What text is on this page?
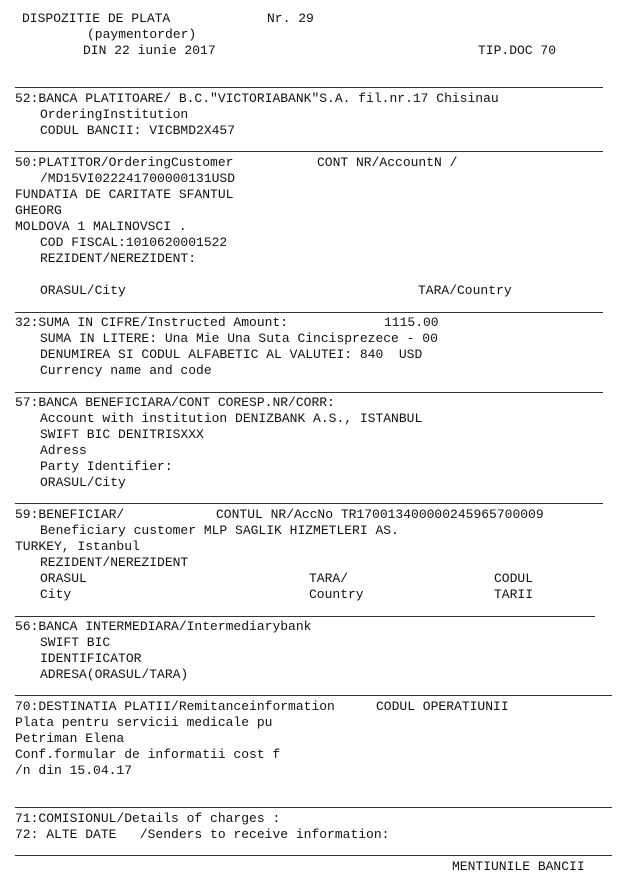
DISPOZITIE DE PLATA	Nr. 29
(paymentorder)
DIN 22 iunie 2017	TIP.DOC 70
52:BANCA PLATITOARE/ B.C."VICTORIABANK"S.A. fil.nr.17 Chisinau
OrderingInstitution
CODUL BANCII: VICBMD2X457
50:PLATITOR/OrderingCustomer	CONT NR/AccountN /
/MD15VI022241700000131USD
FUNDATIA DE CARITATE SFANTUL
GHEORG
MOLDOVA 1 MALINOVSCI .
COD FISCAL:1010620001522
REZIDENT/NEREZIDENT:
ORASUL/City	TARA/Country
32:SUMA IN CIFRE/Instructed Amount:	1115.00
SUMA IN LITERE: Una Mie Una Suta Cincisprezece - 00
DENUMIREA SI CODUL ALFABETIC AL VALUTEI: 840  USD
Currency name and code
57:BANCA BENEFICIARA/CONT CORESP.NR/CORR:
Account with institution DENIZBANK A.S., ISTANBUL
SWIFT BIC DENITRISXXX
Adress
Party Identifier:
ORASUL/City
59:BENEFICIAR/	CONTUL NR/AccNo TR170013400000245965700009
Beneficiary customer MLP SAGLIK HIZMETLERI AS.
TURKEY, Istanbul
REZIDENT/NEREZIDENT
ORASUL	TARA/	CODUL
City	Country	TARII
56:BANCA INTERMEDIARA/Intermediarybank
SWIFT BIC
IDENTIFICATOR
ADRESA(ORASUL/TARA)
70:DESTINATIA PLATII/Remitanceinformation	CODUL OPERATIUNII
Plata pentru servicii medicale pu
Petriman Elena
Conf.formular de informatii cost f
/n din 15.04.17
71:COMISIONUL/Details of charges :
72: ALTE DATE   /Senders to receive information:
MENTIUNILE BANCII
